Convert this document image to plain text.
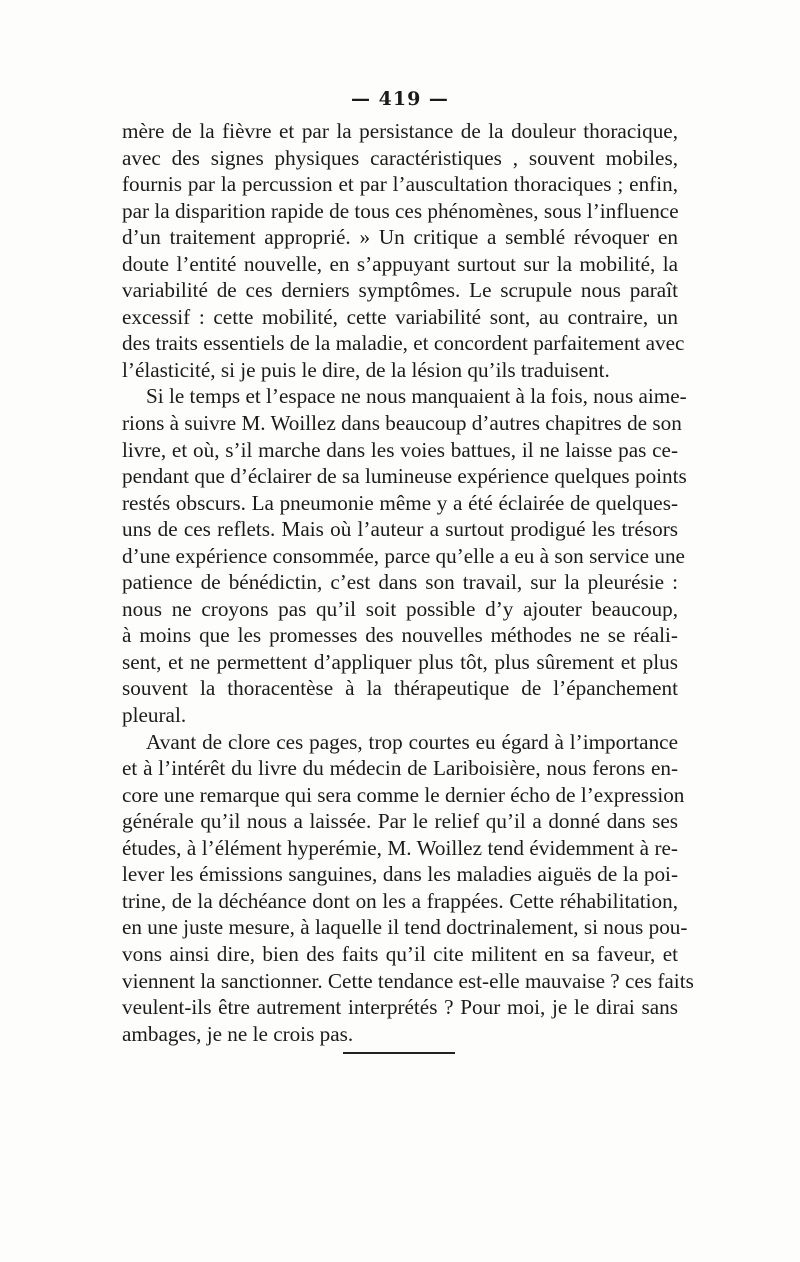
— 419 —

mère de la fièvre et par la persistance de la douleur thoracique,
avec des signes physiques caractéristiques , souvent mobiles,
fournis par la percussion et par l’auscultation thoraciques ; enfin,
par la disparition rapide de tous ces phénomènes, sous l’influence
d’un traitement approprié. » Un critique a semblé révoquer en
doute l’entité nouvelle, en s’appuyant surtout sur la mobilité, la
variabilité de ces derniers symptômes. Le scrupule nous paraît
excessif : cette mobilité, cette variabilité sont, au contraire, un
des traits essentiels de la maladie, et concordent parfaitement avec
l’élasticité, si je puis le dire, de la lésion qu’ils traduisent.

Si le temps et l’espace ne nous manquaient à la fois, nous aime-
rions à suivre M. Woillez dans beaucoup d’autres chapitres de son
livre, et où, s’il marche dans les voies battues, il ne laisse pas ce-
pendant que d’éclairer de sa lumineuse expérience quelques points
restés obscurs. La pneumonie même y a été éclairée de quelques-
uns de ces reflets. Mais où l’auteur a surtout prodigué les trésors
d’une expérience consommée, parce qu’elle a eu à son service une
patience de bénédictin, c’est dans son travail, sur la pleurésie :
nous ne croyons pas qu’il soit possible d’y ajouter beaucoup,
à moins que les promesses des nouvelles méthodes ne se réali-
sent, et ne permettent d’appliquer plus tôt, plus sûrement et plus
souvent la thoracentèse à la thérapeutique de l’épanchement
pleural.

Avant de clore ces pages, trop courtes eu égard à l’importance
et à l’intérêt du livre du médecin de Lariboisière, nous ferons en-
core une remarque qui sera comme le dernier écho de l’expression
générale qu’il nous a laissée. Par le relief qu’il a donné dans ses
études, à l’élément hyperémie, M. Woillez tend évidemment à re-
lever les émissions sanguines, dans les maladies aiguës de la poi-
trine, de la déchéance dont on les a frappées. Cette réhabilitation,
en une juste mesure, à laquelle il tend doctrinalement, si nous pou-
vons ainsi dire, bien des faits qu’il cite militent en sa faveur, et
viennent la sanctionner. Cette tendance est-elle mauvaise ? ces faits
veulent-ils être autrement interprétés ? Pour moi, je le dirai sans
ambages, je ne le crois pas.
